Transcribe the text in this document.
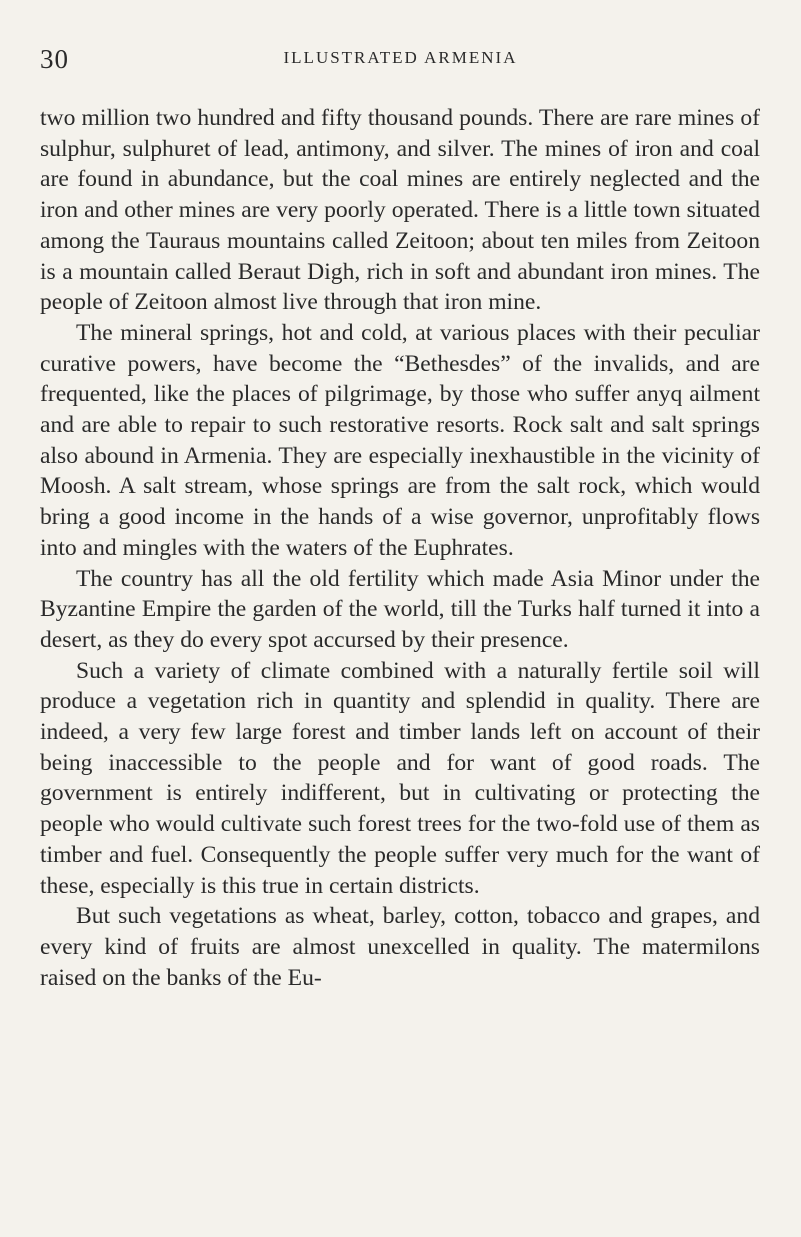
30	ILLUSTRATED ARMENIA

two million two hundred and fifty thousand pounds. There are rare mines of sulphur, sulphuret of lead, antimony, and silver. The mines of iron and coal are found in abundance, but the coal mines are entirely neglected and the iron and other mines are very poorly operated. There is a little town situated among the Tauraus mountains called Zeitoon; about ten miles from Zeitoon is a mountain called Beraut Digh, rich in soft and abundant iron mines. The people of Zeitoon almost live through that iron mine.

The mineral springs, hot and cold, at various places with their peculiar curative powers, have become the “Bethesdes” of the invalids, and are frequented, like the places of pilgrimage, by those who suffer anyq ailment and are able to repair to such restorative resorts. Rock salt and salt springs also abound in Armenia. They are especially inexhaustible in the vicinity of Moosh. A salt stream, whose springs are from the salt rock, which would bring a good income in the hands of a wise governor, unprofitably flows into and mingles with the waters of the Euphrates.

The country has all the old fertility which made Asia Minor under the Byzantine Empire the garden of the world, till the Turks half turned it into a desert, as they do every spot accursed by their presence.

Such a variety of climate combined with a naturally fertile soil will produce a vegetation rich in quantity and splendid in quality. There are indeed, a very few large forest and timber lands left on account of their being inaccessible to the people and for want of good roads. The government is entirely indifferent, but in cultivating or protecting the people who would cultivate such forest trees for the two-fold use of them as timber and fuel. Consequently the people suffer very much for the want of these, especially is this true in certain districts.

But such vegetations as wheat, barley, cotton, tobacco and grapes, and every kind of fruits are almost unexcelled in quality. The matermilons raised on the banks of the Eu-
